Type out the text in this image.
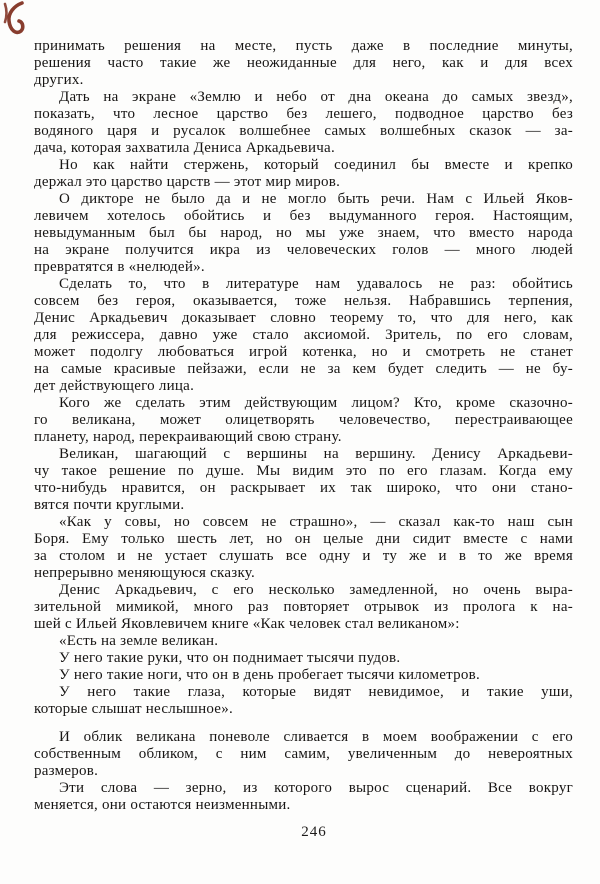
принимать решения на месте, пусть даже в последние минуты,
решения часто такие же неожиданные для него, как и для всех
других.
Дать на экране «Землю и небо от дна океана до самых звезд»,
показать, что лесное царство без лешего, подводное царство без
водяного царя и русалок волшебнее самых волшебных сказок — за-
дача, которая захватила Дениса Аркадьевича.
Но как найти стержень, который соединил бы вместе и крепко
держал это царство царств — этот мир миров.
О дикторе не было да и не могло быть речи. Нам с Ильей Яков-
левичем хотелось обойтись и без выдуманного героя. Настоящим,
невыдуманным был бы народ, но мы уже знаем, что вместо народа
на экране получится икра из человеческих голов — много людей
превратятся в «нелюдей».
Сделать то, что в литературе нам удавалось не раз: обойтись
совсем без героя, оказывается, тоже нельзя. Набравшись терпения,
Денис Аркадьевич доказывает словно теорему то, что для него, как
для режиссера, давно уже стало аксиомой. Зритель, по его словам,
может подолгу любоваться игрой котенка, но и смотреть не станет
на самые красивые пейзажи, если не за кем будет следить — не бу-
дет действующего лица.
Кого же сделать этим действующим лицом? Кто, кроме сказочно-
го великана, может олицетворять человечество, перестраивающее
планету, народ, перекраивающий свою страну.
Великан, шагающий с вершины на вершину. Денису Аркадьеви-
чу такое решение по душе. Мы видим это по его глазам. Когда ему
что-нибудь нравится, он раскрывает их так широко, что они стано-
вятся почти круглыми.
«Как у совы, но совсем не страшно», — сказал как-то наш сын
Боря. Ему только шесть лет, но он целые дни сидит вместе с нами
за столом и не устает слушать все одну и ту же и в то же время
непрерывно меняющуюся сказку.
Денис Аркадьевич, с его несколько замедленной, но очень выра-
зительной мимикой, много раз повторяет отрывок из пролога к на-
шей с Ильей Яковлевичем книге «Как человек стал великаном»:
«Есть на земле великан.
У него такие руки, что он поднимает тысячи пудов.
У него такие ноги, что он в день пробегает тысячи километров.
У него такие глаза, которые видят невидимое, и такие уши,
которые слышат неслышное».
И облик великана поневоле сливается в моем воображении с его
собственным обликом, с ним самим, увеличенным до невероятных
размеров.
Эти слова — зерно, из которого вырос сценарий. Все вокруг
меняется, они остаются неизменными.
246
